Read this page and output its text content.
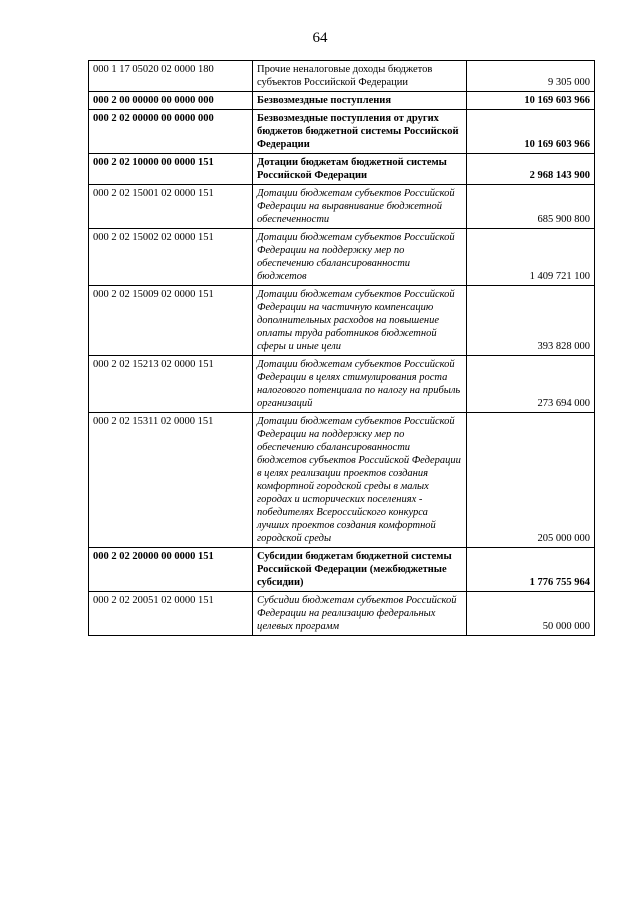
64
000 1 17 05020 02 0000 180	Прочие неналоговые доходы бюджетов субъектов Российской Федерации	9 305 000
000 2 00 00000 00 0000 000	Безвозмездные поступления	10 169 603 966
000 2 02 00000 00 0000 000	Безвозмездные поступления от других бюджетов бюджетной системы Российской Федерации	10 169 603 966
000 2 02 10000 00 0000 151	Дотации бюджетам бюджетной системы Российской Федерации	2 968 143 900
000 2 02 15001 02 0000 151	Дотации бюджетам субъектов Российской Федерации на выравнивание бюджетной обеспеченности	685 900 800
000 2 02 15002 02 0000 151	Дотации бюджетам субъектов Российской Федерации на поддержку мер по обеспечению сбалансированности бюджетов	1 409 721 100
000 2 02 15009 02 0000 151	Дотации бюджетам субъектов Российской Федерации на частичную компенсацию дополнительных расходов на повышение оплаты труда работников бюджетной сферы и иные цели	393 828 000
000 2 02 15213 02 0000 151	Дотации бюджетам субъектов Российской Федерации в целях стимулирования роста налогового потенциала по налогу на прибыль организаций	273 694 000
000 2 02 15311 02 0000 151	Дотации бюджетам субъектов Российской Федерации на поддержку мер по обеспечению сбалансированности бюджетов субъектов Российской Федерации в целях реализации проектов создания комфортной городской среды в малых городах и исторических поселениях - победителях Всероссийского конкурса лучших проектов создания комфортной городской среды	205 000 000
000 2 02 20000 00 0000 151	Субсидии бюджетам бюджетной системы Российской Федерации (межбюджетные субсидии)	1 776 755 964
000 2 02 20051 02 0000 151	Субсидии бюджетам субъектов Российской Федерации на реализацию федеральных целевых программ	50 000 000
